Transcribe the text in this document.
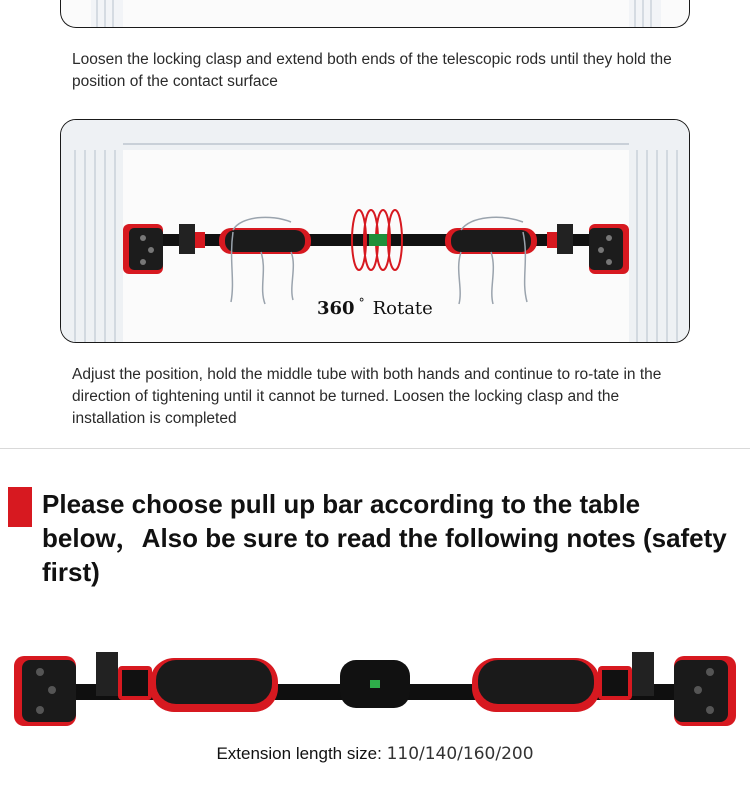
Loosen the locking clasp and extend both ends of the telescopic rods until they hold the position of the contact surface

360 ° Rotate

Adjust the position, hold the middle tube with both hands and continue to ro-tate in the direction of tightening until it cannot be turned. Loosen the locking clasp and the installation is completed

Please choose pull up bar according to the table below，Also be sure to read the following notes (safety first)
Extension length size: 110/140/160/200
